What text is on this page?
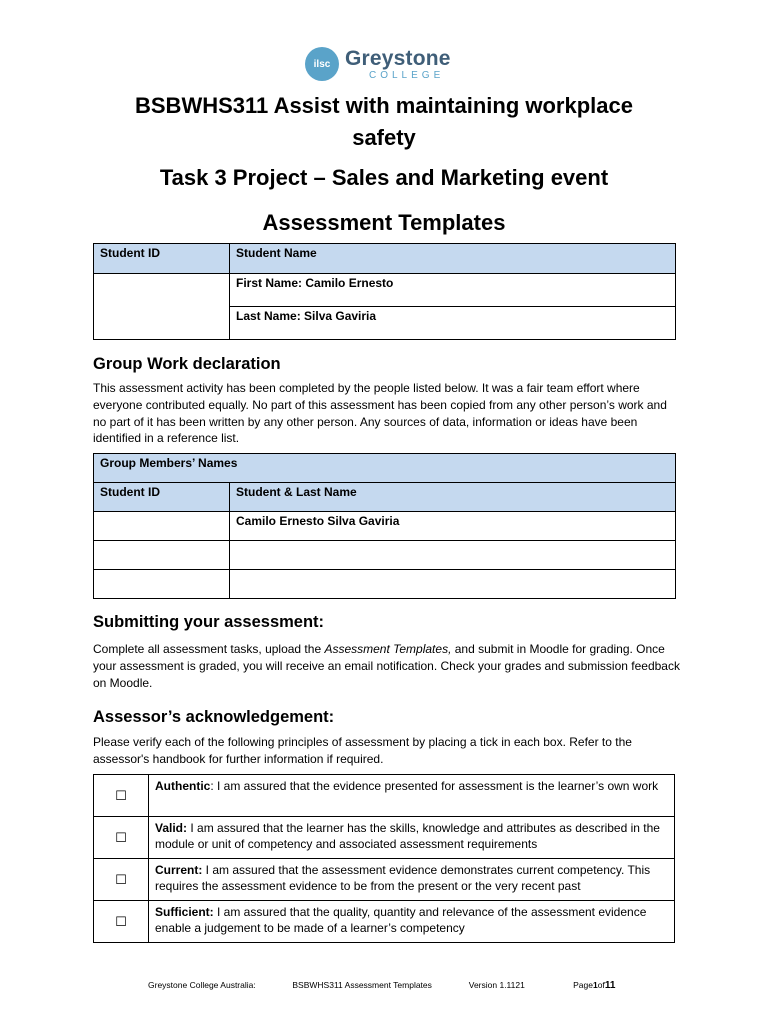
ilsc Greystone
COLLEGE
BSBWHS311 Assist with maintaining workplace
safety
Task 3 Project – Sales and Marketing event
Assessment Templates
Student ID	Student Name
	First Name: Camilo Ernesto
	Last Name: Silva Gaviria
Group Work declaration
This assessment activity has been completed by the people listed below. It was a fair team effort where everyone contributed equally. No part of this assessment has been copied from any other person’s work and no part of it has been written by any other person. Any sources of data, information or ideas have been identified in a reference list.
Group Members’ Names	
Student ID	Student & Last Name
	Camilo Ernesto Silva Gaviria

Submitting your assessment:
Complete all assessment tasks, upload the Assessment Templates, and submit in Moodle for grading. Once your assessment is graded, you will receive an email notification. Check your grades and submission feedback on Moodle.
Assessor’s acknowledgement:
Please verify each of the following principles of assessment by placing a tick in each box. Refer to the assessor's handbook for further information if required.
☐	Authentic: I am assured that the evidence presented for assessment is the learner’s own work
☐	Valid: I am assured that the learner has the skills, knowledge and attributes as described in the module or unit of competency and associated assessment requirements
☐	Current: I am assured that the assessment evidence demonstrates current competency. This requires the assessment evidence to be from the present or the very recent past
☐	Sufficient: I am assured that the quality, quantity and relevance of the assessment evidence enable a judgement to be made of a learner’s competency
Greystone College Australia:	BSBWHS311 Assessment Templates	Version 1.1121	Page1of11
